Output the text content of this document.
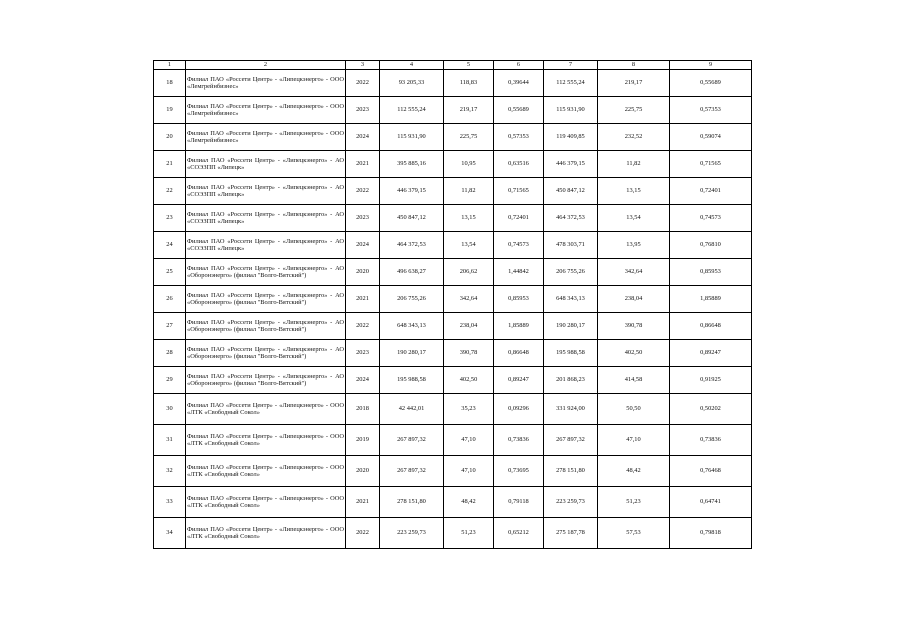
1	2	3	4	5	6	7	8	9
18	Филиал ПАО «Россети Центр» - «Липецкэнерго» - ООО «Лемгрейнбизнес»	2022	93 205,33	118,83	0,39644	112 555,24	219,17	0,55689
19	Филиал ПАО «Россети Центр» - «Липецкэнерго» - ООО «Лемгрейнбизнес»	2023	112 555,24	219,17	0,55689	115 931,90	225,75	0,57353
20	Филиал ПАО «Россети Центр» - «Липецкэнерго» - ООО «Лемгрейнбизнес»	2024	115 931,90	225,75	0,57353	119 409,85	232,52	0,59074
21	Филиал ПАО «Россети Центр» - «Липецкэнерго» - АО «СОЭЗПП «Липецк»	2021	395 885,16	10,95	0,63516	446 379,15	11,82	0,71565
22	Филиал ПАО «Россети Центр» - «Липецкэнерго» - АО «СОЭЗПП «Липецк»	2022	446 379,15	11,82	0,71565	450 847,12	13,15	0,72401
23	Филиал ПАО «Россети Центр» - «Липецкэнерго» - АО «СОЭЗПП «Липецк»	2023	450 847,12	13,15	0,72401	464 372,53	13,54	0,74573
24	Филиал ПАО «Россети Центр» - «Липецкэнерго» - АО «СОЭЗПП «Липецк»	2024	464 372,53	13,54	0,74573	478 303,71	13,95	0,76810
25	Филиал ПАО «Россети Центр» - «Липецкэнерго» - АО «Оборонэнерго» (филиал "Волго-Вятский")	2020	496 638,27	206,62	1,44842	206 755,26	342,64	0,85953
26	Филиал ПАО «Россети Центр» - «Липецкэнерго» - АО «Оборонэнерго» (филиал "Волго-Вятский")	2021	206 755,26	342,64	0,85953	648 343,13	238,04	1,85889
27	Филиал ПАО «Россети Центр» - «Липецкэнерго» - АО «Оборонэнерго» (филиал "Волго-Вятский")	2022	648 343,13	238,04	1,85889	190 280,17	390,78	0,86648
28	Филиал ПАО «Россети Центр» - «Липецкэнерго» - АО «Оборонэнерго» (филиал "Волго-Вятский")	2023	190 280,17	390,78	0,86648	195 988,58	402,50	0,89247
29	Филиал ПАО «Россети Центр» - «Липецкэнерго» - АО «Оборонэнерго» (филиал "Волго-Вятский")	2024	195 988,58	402,50	0,89247	201 868,23	414,58	0,91925
30	Филиал ПАО «Россети Центр» - «Липецкэнерго» - ООО «ЛТК «Свободный Сокол»	2018	42 442,01	35,23	0,09296	331 924,00	50,50	0,50202
31	Филиал ПАО «Россети Центр» - «Липецкэнерго» - ООО «ЛТК «Свободный Сокол»	2019	267 897,32	47,10	0,73836	267 897,32	47,10	0,73836
32	Филиал ПАО «Россети Центр» - «Липецкэнерго» - ООО «ЛТК «Свободный Сокол»	2020	267 897,32	47,10	0,73695	278 151,80	48,42	0,76468
33	Филиал ПАО «Россети Центр» - «Липецкэнерго» - ООО «ЛТК «Свободный Сокол»	2021	278 151,80	48,42	0,79118	223 259,73	51,23	0,64741
34	Филиал ПАО «Россети Центр» - «Липецкэнерго» - ООО «ЛТК «Свободный Сокол»	2022	223 259,73	51,23	0,65212	275 187,78	57,53	0,79818
